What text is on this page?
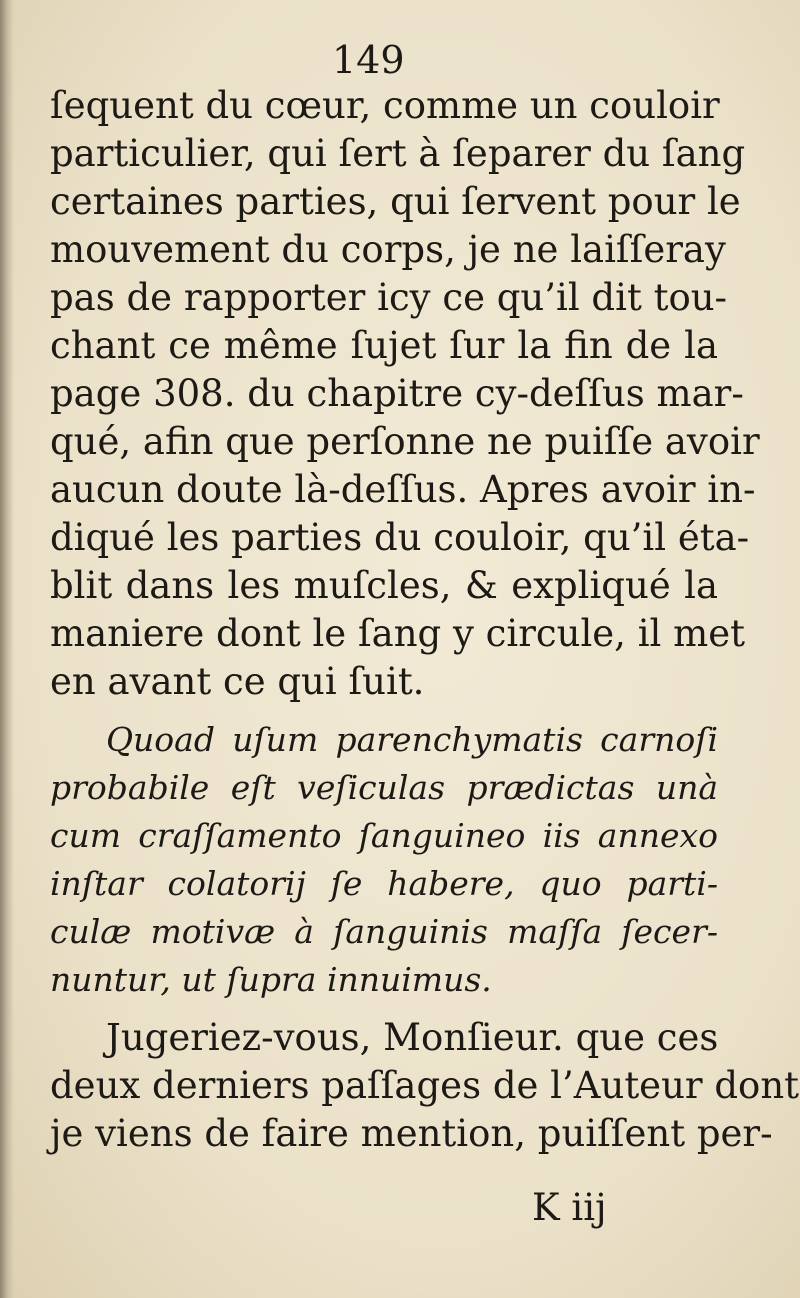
149
ſequent du cœur, comme un couloir
particulier, qui ſert à ſeparer du ſang
certaines parties, qui ſervent pour le
mouvement du corps, je ne laiſſeray
pas de rapporter icy ce qu’il dit tou-
chant ce même ſujet ſur la fin de la
page 308. du chapitre cy-deſſus mar-
qué, afin que perſonne ne puiſſe avoir
aucun doute là-deſſus. Apres avoir in-
diqué les parties du couloir, qu’il éta-
blit dans les muſcles, & expliqué la
maniere dont le ſang y circule, il met
en avant ce qui ſuit.
Quoad uſum parenchymatis carnoſi
probabile eſt veſiculas prædictas unà
cum craſſamento ſanguineo iis annexo
inſtar colatorij ſe habere, quo parti-
culæ motivæ à ſanguinis maſſa ſecer-
nuntur, ut ſupra innuimus.
Jugeriez-vous, Monſieur. que ces
deux derniers paſſages de l’Auteur dont
je viens de faire mention, puiſſent per-
K iij
